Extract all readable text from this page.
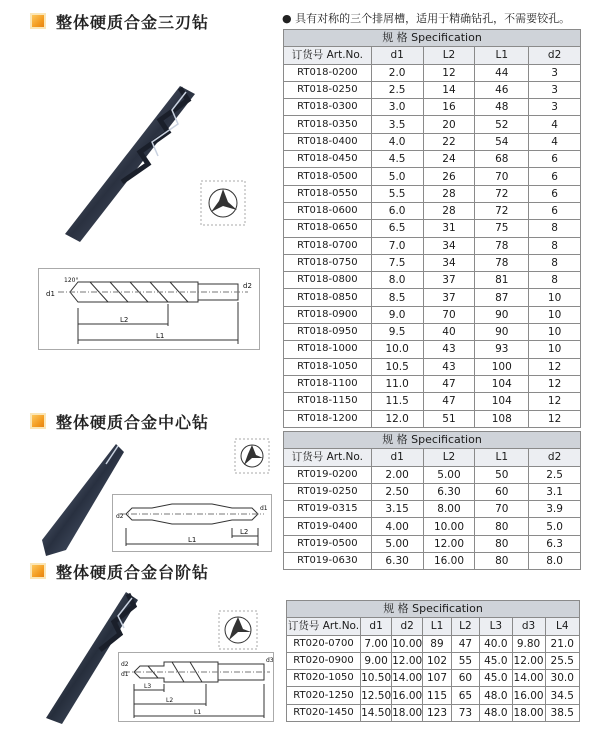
整体硬质合金三刃钻	● 具有对称的三个排屑槽，适用于精确钻孔，不需要铰孔。
L2
L1
d1
d2
120°
规 格 Specification				
订货号 Art.No.	d1	L2	L1	d2
RT018-0200	2.0	12	44	3
RT018-0250	2.5	14	46	3
RT018-0300	3.0	16	48	3
RT018-0350	3.5	20	52	4
RT018-0400	4.0	22	54	4
RT018-0450	4.5	24	68	6
RT018-0500	5.0	26	70	6
RT018-0550	5.5	28	72	6
RT018-0600	6.0	28	72	6
RT018-0650	6.5	31	75	8
RT018-0700	7.0	34	78	8
RT018-0750	7.5	34	78	8
RT018-0800	8.0	37	81	8
RT018-0850	8.5	37	87	10
RT018-0900	9.0	70	90	10
RT018-0950	9.5	40	90	10
RT018-1000	10.0	43	93	10
RT018-1050	10.5	43	100	12
RT018-1100	11.0	47	104	12
RT018-1150	11.5	47	104	12
RT018-1200	12.0	51	108	12
整体硬质合金中心钻
L1
L2
d2
d1
规 格 Specification				
订货号 Art.No.	d1	L2	L1	d2
RT019-0200	2.00	5.00	50	2.5
RT019-0250	2.50	6.30	60	3.1
RT019-0315	3.15	8.00	70	3.9
RT019-0400	4.00	10.00	80	5.0
RT019-0500	5.00	12.00	80	6.3
RT019-0630	6.30	16.00	80	8.0
整体硬质合金台阶钻
L3
L2
L1
d1
d2
d3
规 格 Specification							
订货号 Art.No.	d1	d2	L1	L2	L3	d3	L4
RT020-0700	7.00	10.00	89	47	40.0	9.80	21.0
RT020-0900	9.00	12.00	102	55	45.0	12.00	25.5
RT020-1050	10.50	14.00	107	60	45.0	14.00	30.0
RT020-1250	12.50	16.00	115	65	48.0	16.00	34.5
RT020-1450	14.50	18.00	123	73	48.0	18.00	38.5
